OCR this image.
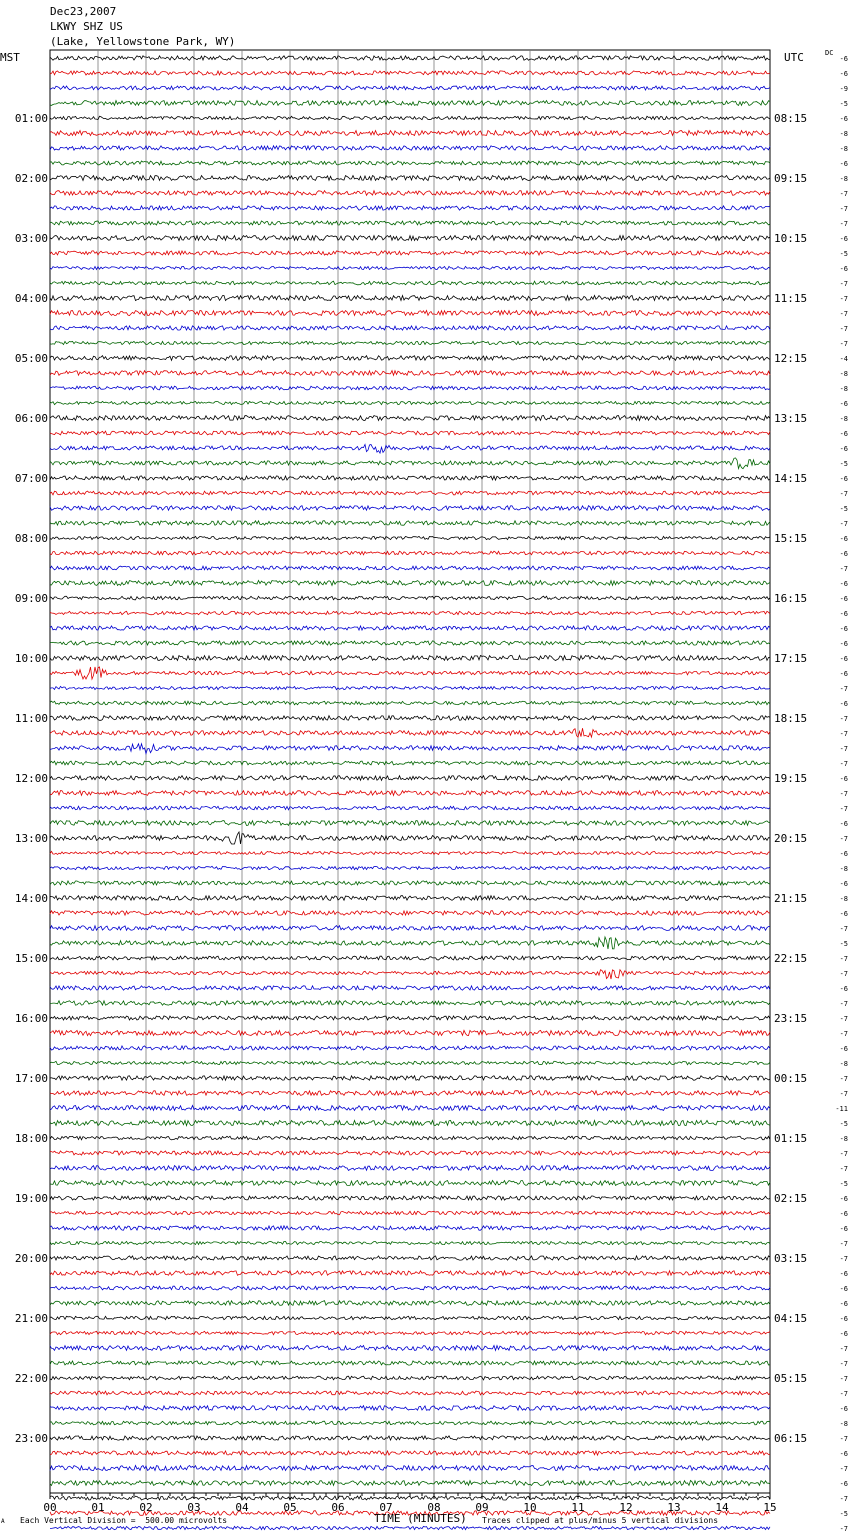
-6
-6
-9
-5
-6
-8
-8
-6
-8
-7
-7
-7
-6
-5
-6
-7
-7
-7
-7
-7
-4
-8
-8
-6
-8
-6
-6
-5
-6
-7
-5
-7
-6
-6
-7
-6
-6
-6
-6
-6
-6
-6
-7
-6
-7
-7
-7
-7
-6
-7
-7
-6
-7
-6
-8
-6
-8
-6
-7
-5
-7
-7
-6
-7
-7
-7
-6
-8
-7
-7
-11
-5
-8
-7
-7
-5
-6
-6
-6
-7
-7
-6
-6
-6
-6
-6
-7
-7
-7
-7
-6
-8
-7
-6
-7
-6
-7
-5
-7
01:00
02:00
03:00
04:00
05:00
06:00
07:00
08:00
09:00
10:00
11:00
12:00
13:00
14:00
15:00
16:00
17:00
18:00
19:00
20:00
21:00
22:00
23:00
08:15
09:15
10:15
11:15
12:15
13:15
14:15
15:15
16:15
17:15
18:15
19:15
20:15
21:15
22:15
23:15
00:15
01:15
02:15
03:15
04:15
05:15
06:15
00	01	02	03	04	05	06	07	08	09	10	11	12	13	14	15
Dec23,2007
LKWY SHZ US
(Lake, Yellowstone Park, WY)
MST	UTC	DC
A Each Vertical Division =  500.00 microvolts	TIME (MINUTES) Traces clipped at plus/minus 5 vertical divisions
